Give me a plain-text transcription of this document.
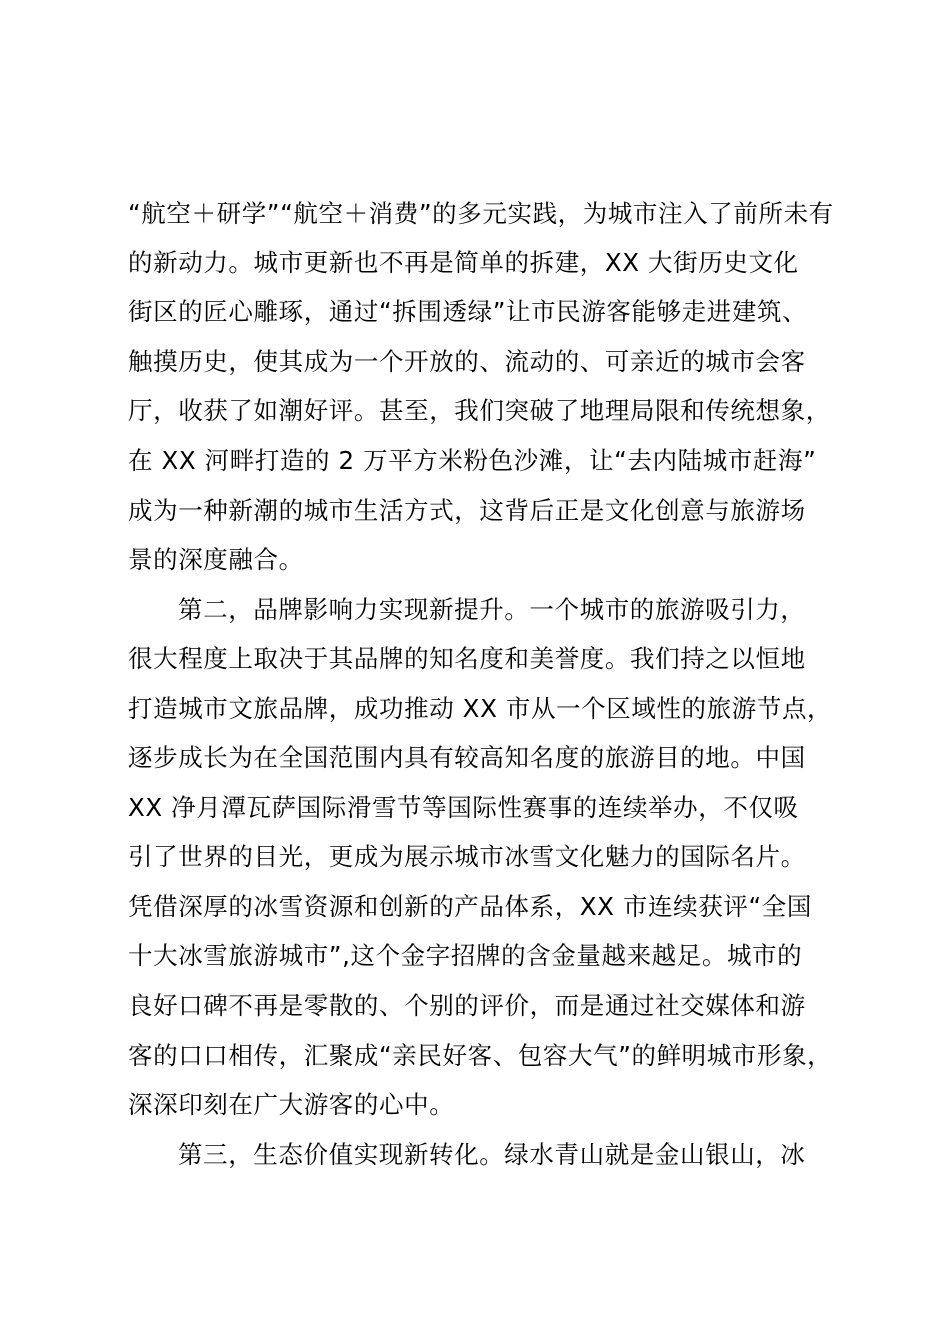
“航空＋研学”“航空＋消费”的多元实践，为城市注入了前所未有
的新动力。城市更新也不再是简单的拆建，XX 大街历史文化
街区的匠心雕琢，通过“拆围透绿”让市民游客能够走进建筑、
触摸历史，使其成为一个开放的、流动的、可亲近的城市会客
厅，收获了如潮好评。甚至，我们突破了地理局限和传统想象，
在 XX 河畔打造的 2 万平方米粉色沙滩，让“去内陆城市赶海”
成为一种新潮的城市生活方式，这背后正是文化创意与旅游场
景的深度融合。
第二，品牌影响力实现新提升。一个城市的旅游吸引力，
很大程度上取决于其品牌的知名度和美誉度。我们持之以恒地
打造城市文旅品牌，成功推动 XX 市从一个区域性的旅游节点，
逐步成长为在全国范围内具有较高知名度的旅游目的地。中国
XX 净月潭瓦萨国际滑雪节等国际性赛事的连续举办，不仅吸
引了世界的目光，更成为展示城市冰雪文化魅力的国际名片。
凭借深厚的冰雪资源和创新的产品体系，XX 市连续获评“全国
十大冰雪旅游城市”,这个金字招牌的含金量越来越足。城市的
良好口碑不再是零散的、个别的评价，而是通过社交媒体和游
客的口口相传，汇聚成“亲民好客、包容大气”的鲜明城市形象，
深深印刻在广大游客的心中。
第三，生态价值实现新转化。绿水青山就是金山银山，冰
